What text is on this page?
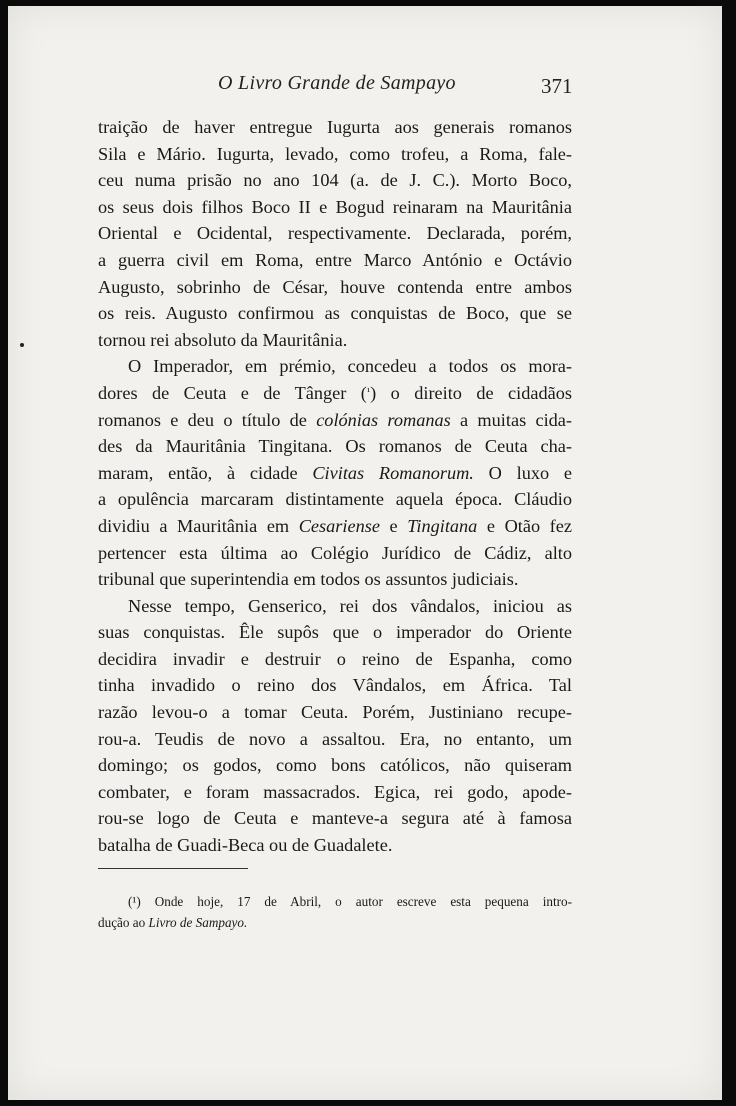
O Livro Grande de Sampayo	371
traição de haver entregue Iugurta aos generais romanos
Sila e Mário. Iugurta, levado, como trofeu, a Roma, fale-
ceu numa prisão no ano 104 (a. de J. C.). Morto Boco,
os seus dois filhos Boco II e Bogud reinaram na Mauritânia
Oriental e Ocidental, respectivamente. Declarada, porém,
a guerra civil em Roma, entre Marco António e Octávio
Augusto, sobrinho de César, houve contenda entre ambos
os reis. Augusto confirmou as conquistas de Boco, que se
tornou rei absoluto da Mauritânia.
O Imperador, em prémio, concedeu a todos os mora-
dores de Ceuta e de Tânger ($^{^1}$) o direito de cidadãos
romanos e deu o título de colónias romanas a muitas cida-
des da Mauritânia Tingitana. Os romanos de Ceuta cha-
maram, então, à cidade Civitas Romanorum. O luxo e
a opulência marcaram distintamente aquela época. Cláudio
dividiu a Mauritânia em Cesariense e Tingitana e Otão fez
pertencer esta última ao Colégio Jurídico de Cádiz, alto
tribunal que superintendia em todos os assuntos judiciais.
Nesse tempo, Genserico, rei dos vândalos, iniciou as
suas conquistas. Êle supôs que o imperador do Oriente
decidira invadir e destruir o reino de Espanha, como
tinha invadido o reino dos Vândalos, em África. Tal
razão levou-o a tomar Ceuta. Porém, Justiniano recupe-
rou-a. Teudis de novo a assaltou. Era, no entanto, um
domingo; os godos, como bons católicos, não quiseram
combater, e foram massacrados. Egica, rei godo, apode-
rou-se logo de Ceuta e manteve-a segura até à famosa
batalha de Guadi-Beca ou de Guadalete.
(¹) Onde hoje, 17 de Abril, o autor escreve esta pequena intro-
dução ao Livro de Sampayo.
